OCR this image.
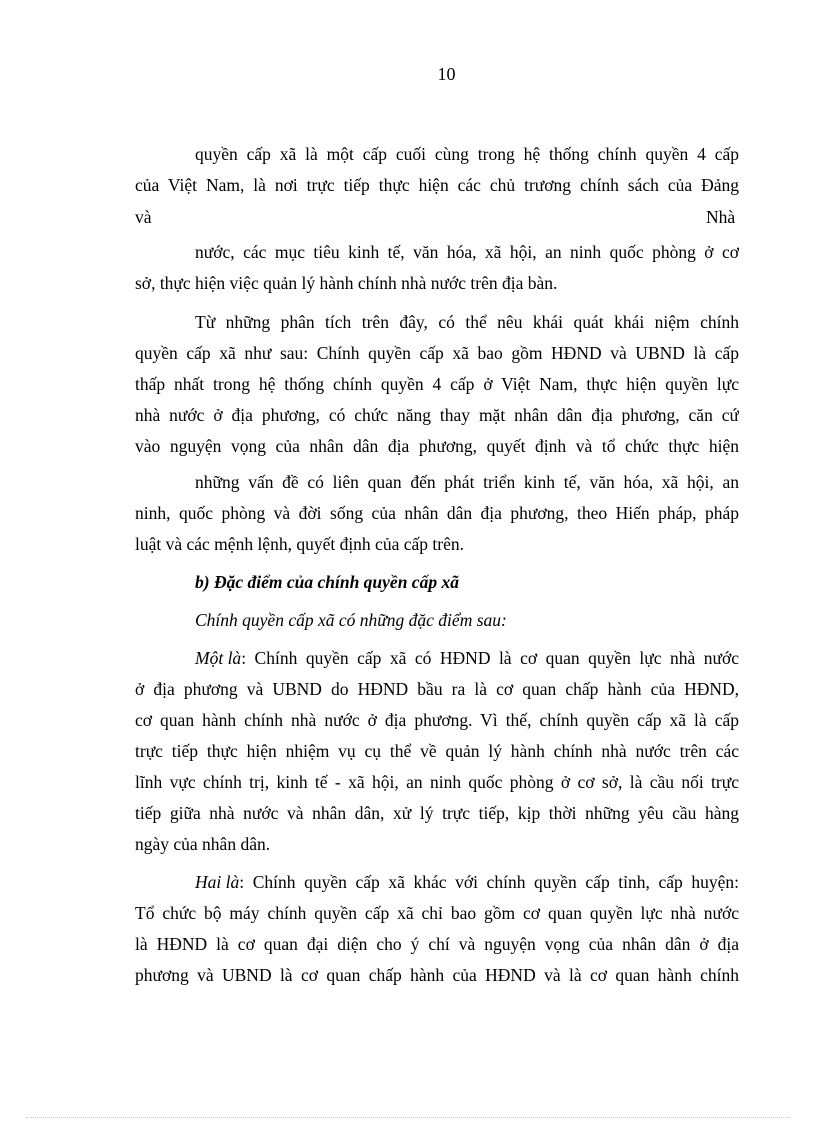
10
quyền cấp xã là một cấp cuối cùng trong hệ thống chính quyền 4 cấp
của Việt Nam, là nơi trực tiếp thực hiện các chủ trương chính sách của Đảng
và	Nhà
nước, các mục tiêu kinh tế, văn hóa, xã hội, an ninh quốc phòng ở cơ
sở, thực hiện việc quản lý hành chính nhà nước trên địa bàn.
Từ những phân tích trên đây, có thể nêu khái quát khái niệm chính
quyền cấp xã như sau: Chính quyền cấp xã bao gồm HĐND và UBND là cấp
thấp nhất trong hệ thống chính quyền 4 cấp ở Việt Nam, thực hiện quyền lực
nhà nước ở địa phương, có chức năng thay mặt nhân dân địa phương, căn cứ
vào nguyện vọng của nhân dân địa phương, quyết định và tổ chức thực hiện
những vấn đề có liên quan đến phát triển kinh tế, văn hóa, xã hội, an
ninh, quốc phòng và đời sống của nhân dân địa phương, theo Hiến pháp, pháp
luật và các mệnh lệnh, quyết định của cấp trên.
b) Đặc điểm của chính quyền cấp xã
Chính quyền cấp xã có những đặc điểm sau:
Một là : Chính quyền cấp xã có HĐND là cơ quan quyền lực nhà nước
ở địa phương và UBND do HĐND bầu ra là cơ quan chấp hành của HĐND,
cơ quan hành chính nhà nước ở địa phương. Vì thế, chính quyền cấp xã là cấp
trực tiếp thực hiện nhiệm vụ cụ thể về quản lý hành chính nhà nước trên các
lĩnh vực chính trị, kinh tế - xã hội, an ninh quốc phòng ở cơ sở, là cầu nối trực
tiếp giữa nhà nước và nhân dân, xử lý trực tiếp, kịp thời những yêu cầu hàng
ngày của nhân dân.
Hai là : Chính quyền cấp xã khác với chính quyền cấp tỉnh, cấp huyện:
Tổ chức bộ máy chính quyền cấp xã chỉ bao gồm cơ quan quyền lực nhà nước
là HĐND là cơ quan đại diện cho ý chí và nguyện vọng của nhân dân ở địa
phương và UBND là cơ quan chấp hành của HĐND và là cơ quan hành chính
